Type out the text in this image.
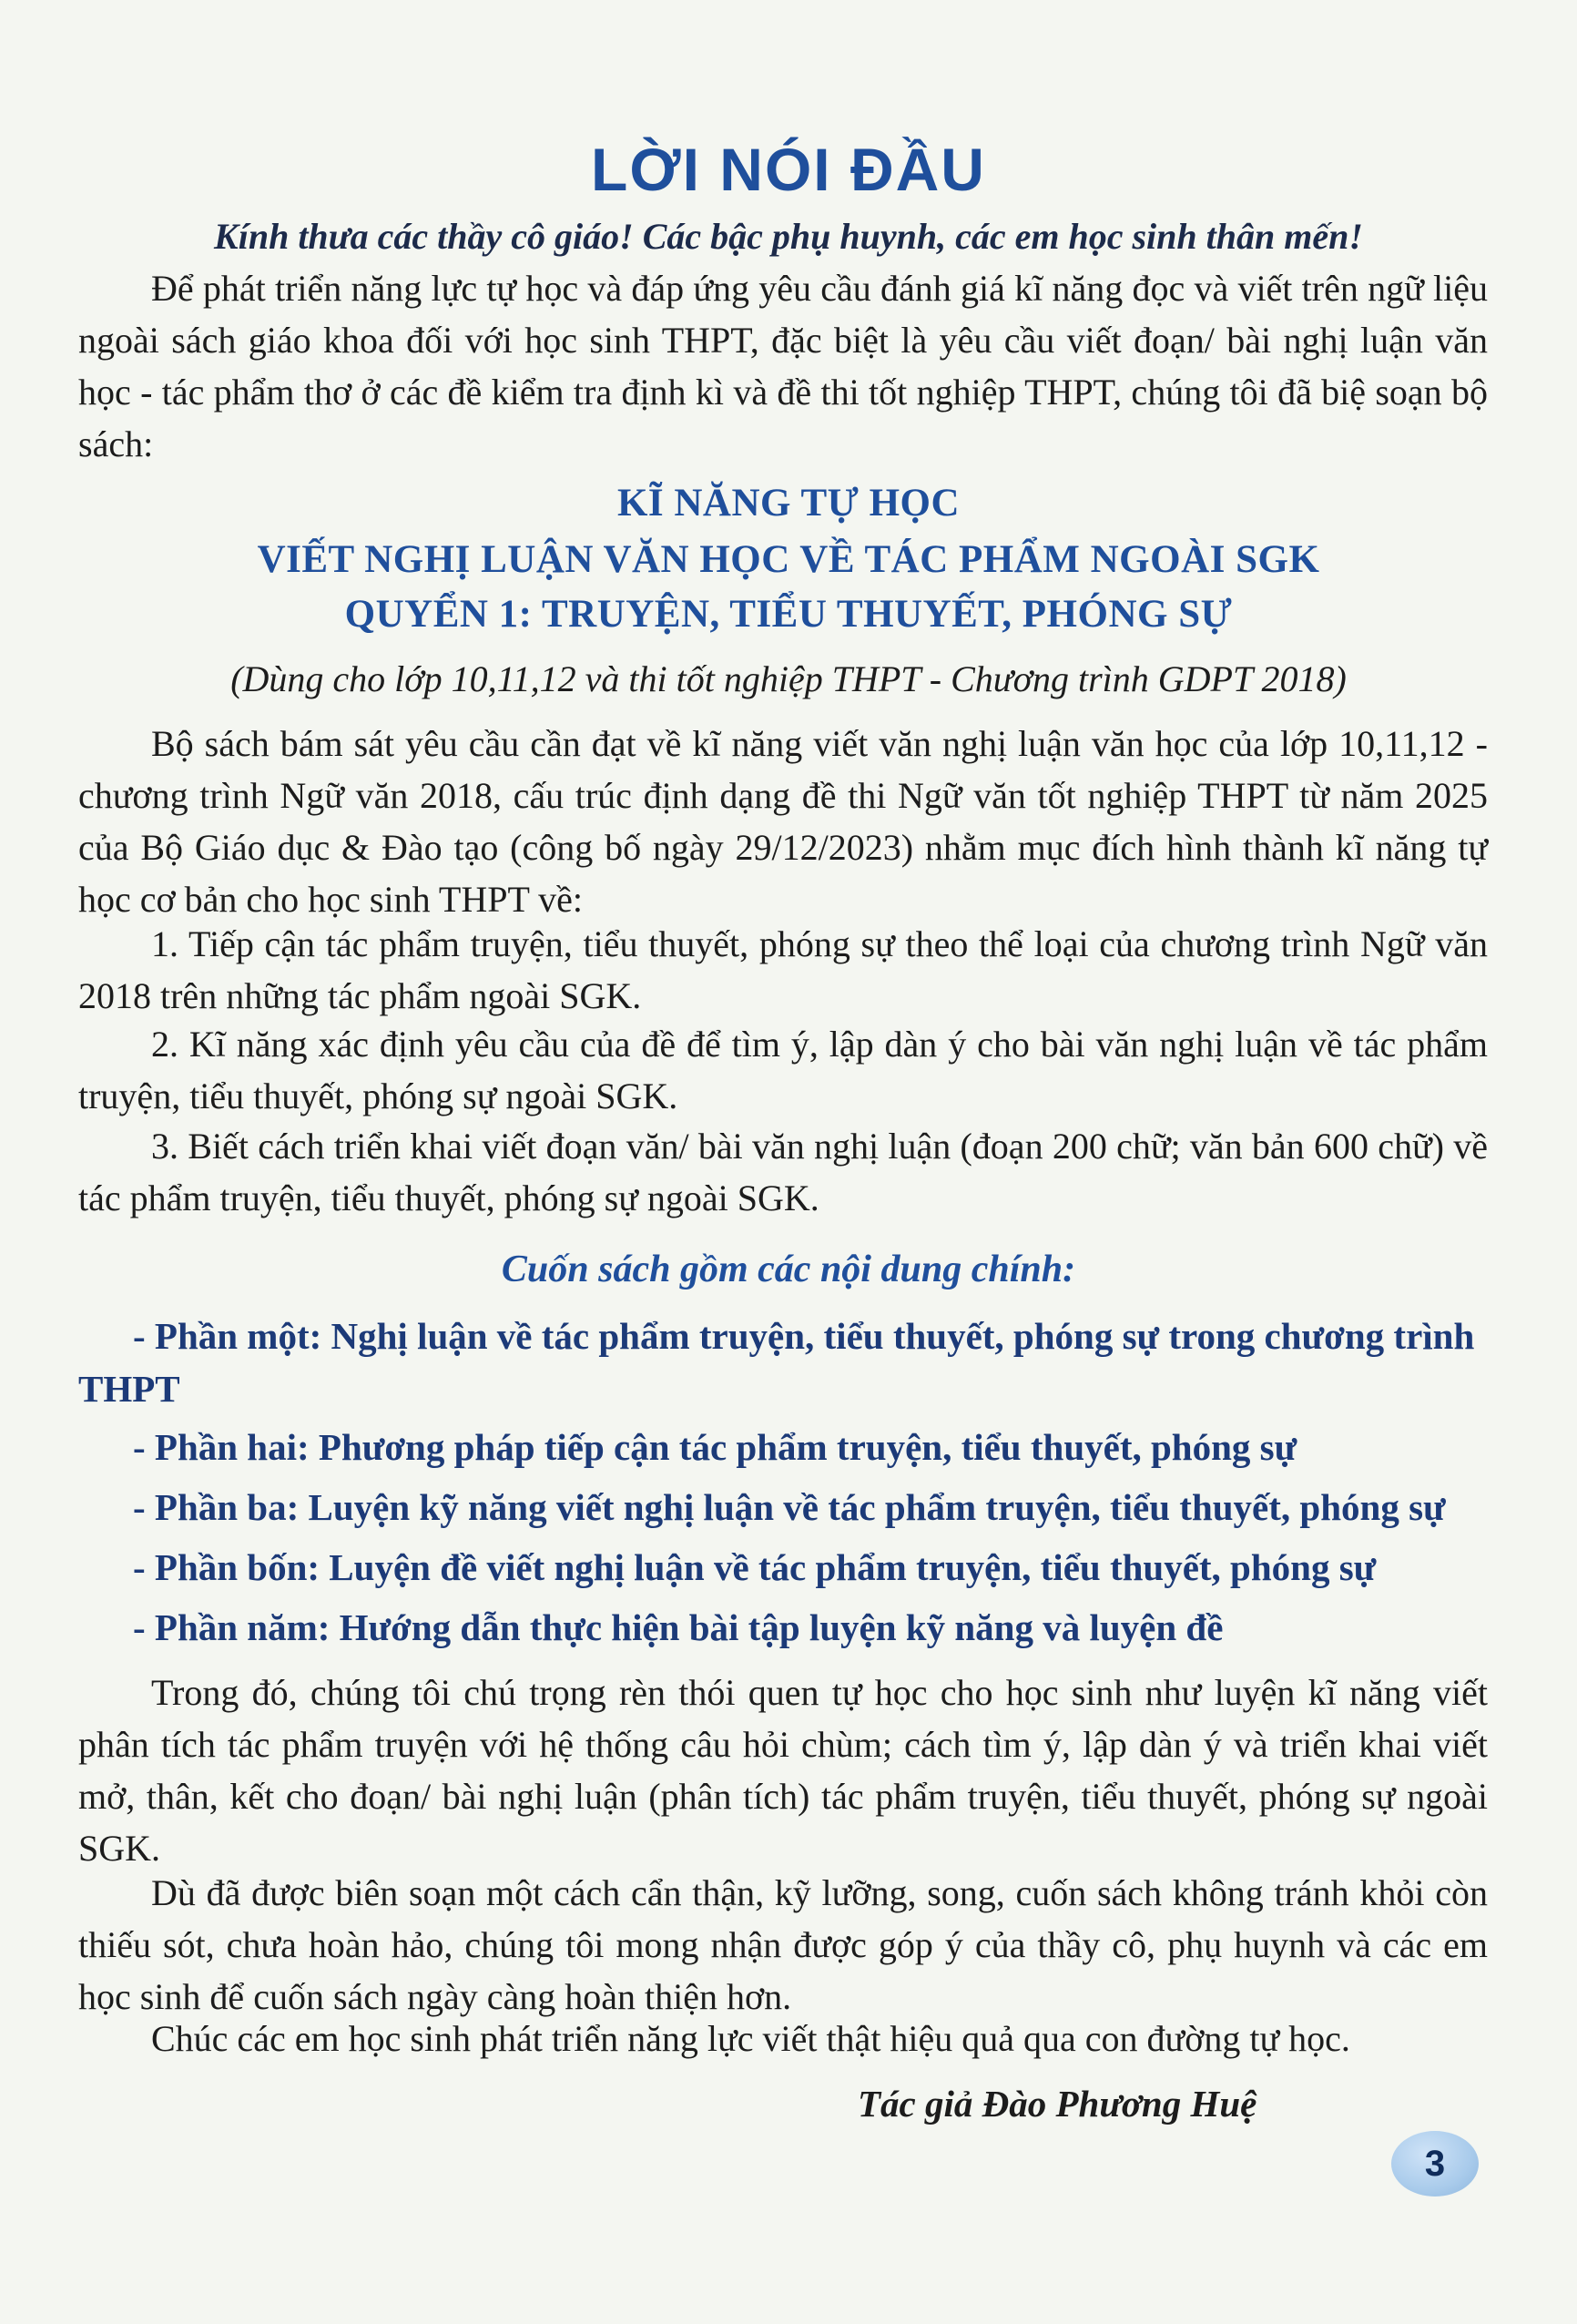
LỜI NÓI ĐẦU

Kính thưa các thầy cô giáo! Các bậc phụ huynh, các em học sinh thân mến!

Để phát triển năng lực tự học và đáp ứng yêu cầu đánh giá kĩ năng đọc và viết trên ngữ liệu ngoài sách giáo khoa đối với học sinh THPT, đặc biệt là yêu cầu viết đoạn/ bài nghị luận văn học - tác phẩm thơ ở các đề kiểm tra định kì và đề thi tốt nghiệp THPT, chúng tôi đã biệ soạn bộ sách:

KĨ NĂNG TỰ HỌC

VIẾT NGHỊ LUẬN VĂN HỌC VỀ TÁC PHẨM NGOÀI SGK

QUYỂN 1: TRUYỆN, TIỂU THUYẾT, PHÓNG SỰ

(Dùng cho lớp 10,11,12 và thi tốt nghiệp THPT - Chương trình GDPT 2018)

Bộ sách bám sát yêu cầu cần đạt về kĩ năng viết văn nghị luận văn học của lớp 10,11,12 - chương trình Ngữ văn 2018, cấu trúc định dạng đề thi Ngữ văn tốt nghiệp THPT từ năm 2025 của Bộ Giáo dục & Đào tạo (công bố ngày 29/12/2023) nhằm mục đích hình thành kĩ năng tự học cơ bản cho học sinh THPT về:

1. Tiếp cận tác phẩm truyện, tiểu thuyết, phóng sự theo thể loại của chương trình Ngữ văn 2018 trên những tác phẩm ngoài SGK.

2. Kĩ năng xác định yêu cầu của đề để tìm ý, lập dàn ý cho bài văn nghị luận về tác phẩm truyện, tiểu thuyết, phóng sự ngoài SGK.

3. Biết cách triển khai viết đoạn văn/ bài văn nghị luận (đoạn 200 chữ; văn bản 600 chữ) về tác phẩm truyện, tiểu thuyết, phóng sự ngoài SGK.

Cuốn sách gồm các nội dung chính:

- Phần một: Nghị luận về tác phẩm truyện, tiểu thuyết, phóng sự trong chương trình THPT

- Phần hai: Phương pháp tiếp cận tác phẩm truyện, tiểu thuyết, phóng sự

- Phần ba: Luyện kỹ năng viết nghị luận về tác phẩm truyện, tiểu thuyết, phóng sự

- Phần bốn: Luyện đề viết nghị luận về tác phẩm truyện, tiểu thuyết, phóng sự

- Phần năm: Hướng dẫn thực hiện bài tập luyện kỹ năng và luyện đề

Trong đó, chúng tôi chú trọng rèn thói quen tự học cho học sinh như luyện kĩ năng viết phân tích tác phẩm truyện với hệ thống câu hỏi chùm; cách tìm ý, lập dàn ý và triển khai viết mở, thân, kết cho đoạn/ bài nghị luận (phân tích) tác phẩm truyện, tiểu thuyết, phóng sự ngoài SGK.

Dù đã được biên soạn một cách cẩn thận, kỹ lưỡng, song, cuốn sách không tránh khỏi còn thiếu sót, chưa hoàn hảo, chúng tôi mong nhận được góp ý của thầy cô, phụ huynh và các em học sinh để cuốn sách ngày càng hoàn thiện hơn.

Chúc các em học sinh phát triển năng lực viết thật hiệu quả qua con đường tự học.

Tác giả Đào Phương Huệ

3
